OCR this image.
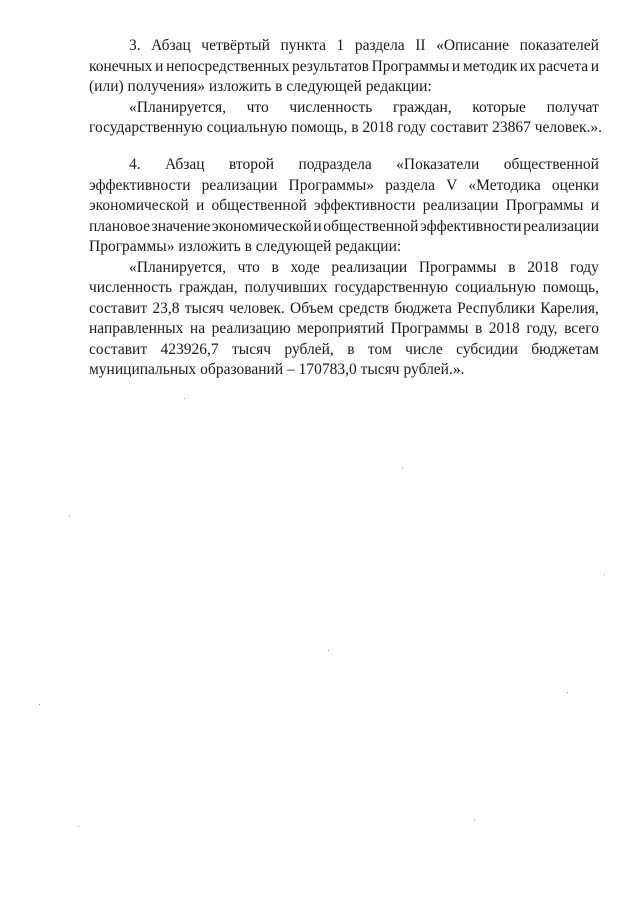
3. Абзац четвёртый пункта 1 раздела II «Описание показателей
конечных и непосредственных результатов Программы и методик их расчета и
(или) получения» изложить в следующей редакции:
«Планируется, что численность граждан, которые получат
государственную социальную помощь, в 2018 году составит 23867 человек.».
4. Абзац второй подраздела «Показатели общественной
эффективности реализации Программы» раздела V «Методика оценки
экономической и общественной эффективности реализации Программы и
плановое значение экономической и общественной эффективности реализации
Программы» изложить в следующей редакции:
«Планируется, что в ходе реализации Программы в 2018 году
численность граждан, получивших государственную социальную помощь,
составит 23,8 тысяч человек. Объем средств бюджета Республики Карелия,
направленных на реализацию мероприятий Программы в 2018 году, всего
составит 423926,7 тысяч рублей, в том числе субсидии бюджетам
муниципальных образований – 170783,0 тысяч рублей.».
